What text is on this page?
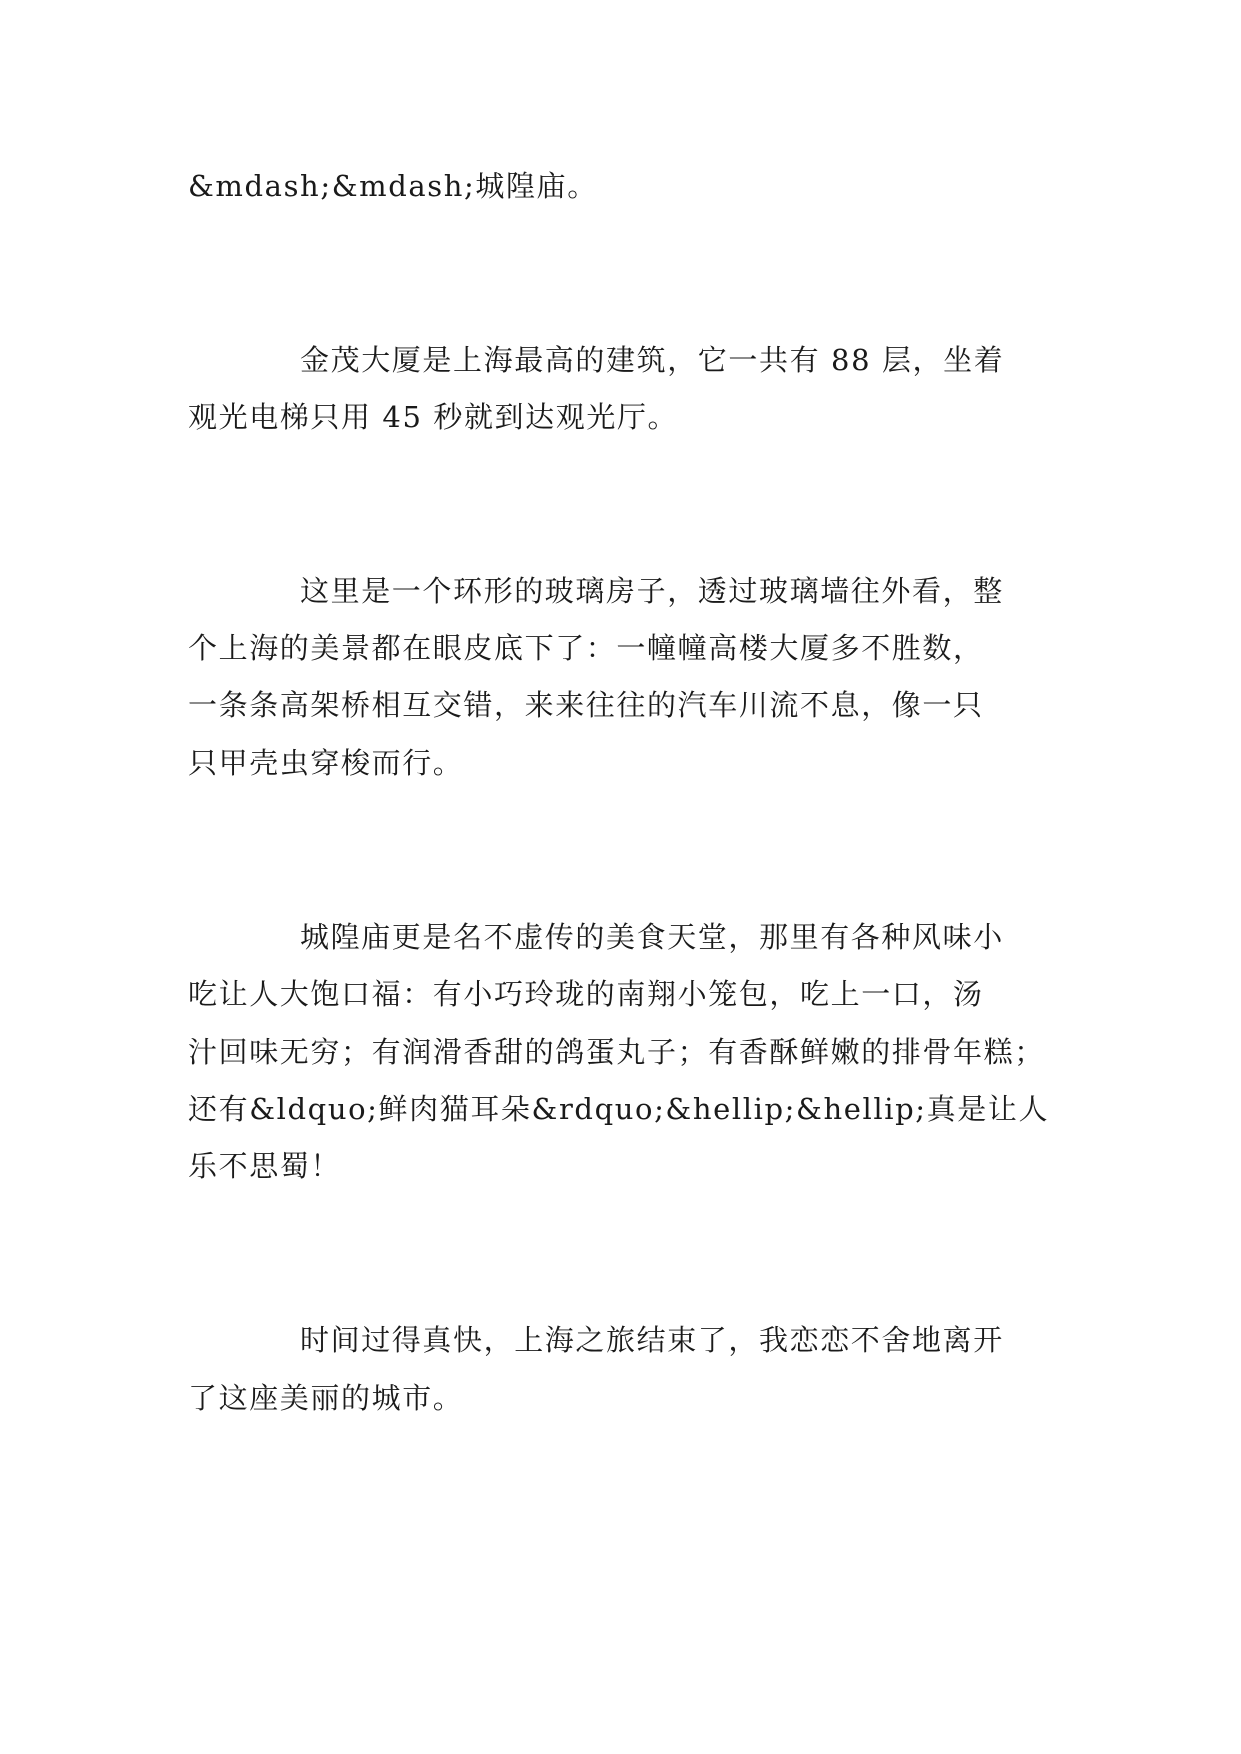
&mdash;&mdash;城隍庙。

金茂大厦是上海最高的建筑，它一共有 88 层，坐着

观光电梯只用 45 秒就到达观光厅。

这里是一个环形的玻璃房子，透过玻璃墙往外看，整

个上海的美景都在眼皮底下了：一幢幢高楼大厦多不胜数，

一条条高架桥相互交错，来来往往的汽车川流不息，像一只

只甲壳虫穿梭而行。

城隍庙更是名不虚传的美食天堂，那里有各种风味小

吃让人大饱口福：有小巧玲珑的南翔小笼包，吃上一口，汤

汁回味无穷；有润滑香甜的鸽蛋丸子；有香酥鲜嫩的排骨年糕；

还有&ldquo;鲜肉猫耳朵&rdquo;&hellip;&hellip;真是让人

乐不思蜀！

时间过得真快，上海之旅结束了，我恋恋不舍地离开

了这座美丽的城市。
